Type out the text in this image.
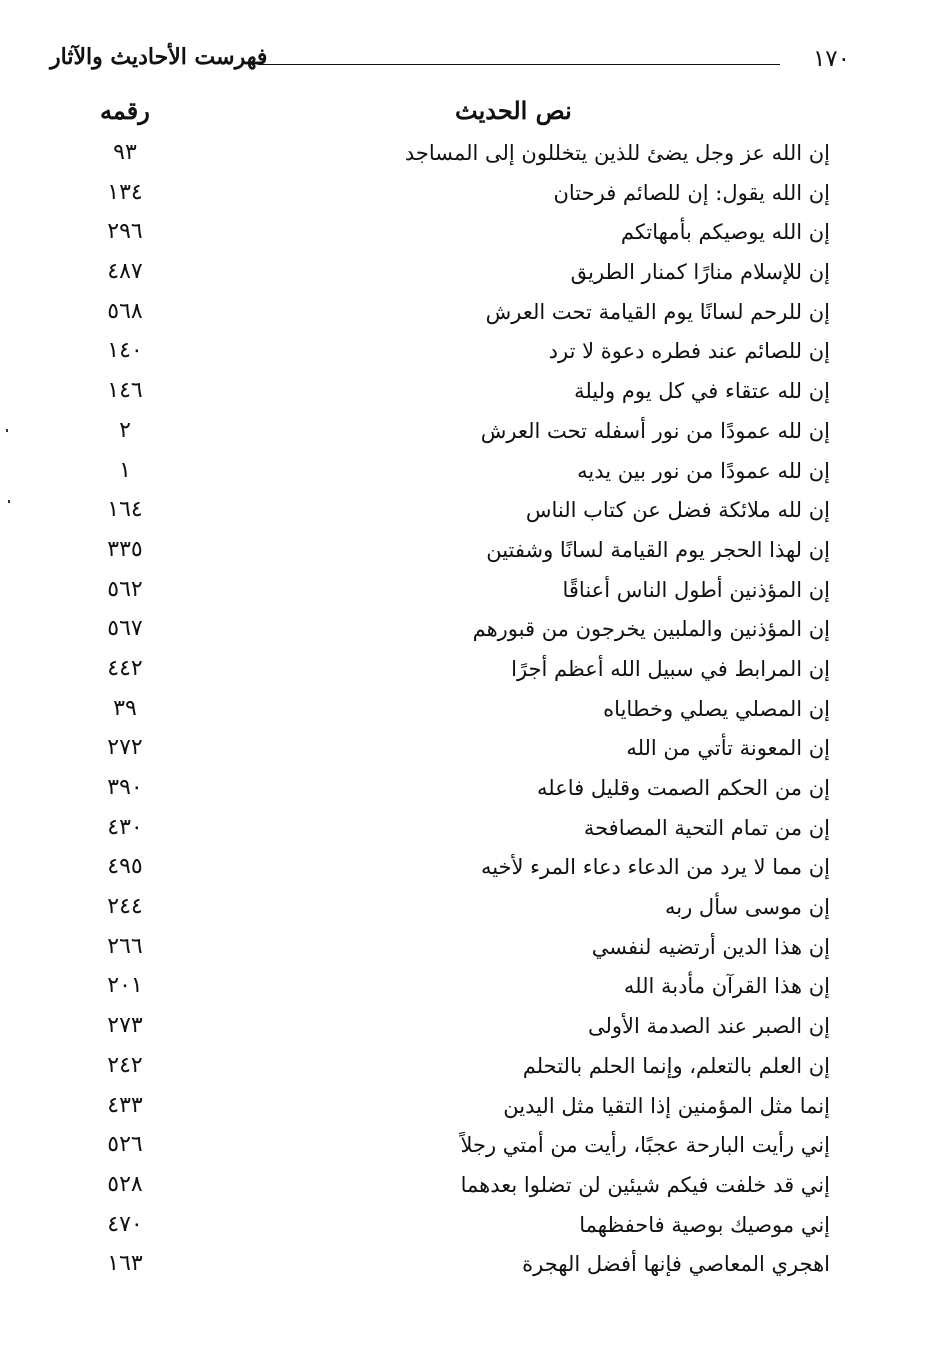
١٧٠
فهرست الأحاديث والآثار
نص الحديث
رقمه
إن الله عز وجل يضئ للذين يتخللون إلى المساجد
٩٣
إن الله يقول: إن للصائم فرحتان
١٣٤
إن الله يوصيكم بأمهاتكم
٢٩٦
إن للإسلام منارًا كمنار الطريق
٤٨٧
إن للرحم لسانًا يوم القيامة تحت العرش
٥٦٨
إن للصائم عند فطره دعوة لا ترد
١٤٠
إن لله عتقاء في كل يوم وليلة
١٤٦
إن لله عمودًا من نور أسفله تحت العرش
٢
إن لله عمودًا من نور بين يديه
١
إن لله ملائكة فضل عن كتاب الناس
١٦٤
إن لهذا الحجر يوم القيامة لسانًا وشفتين
٣٣٥
إن المؤذنين أطول الناس أعناقًا
٥٦٢
إن المؤذنين والملبين يخرجون من قبورهم
٥٦٧
إن المرابط في سبيل الله أعظم أجرًا
٤٤٢
إن المصلي يصلي وخطاياه
٣٩
إن المعونة تأتي من الله
٢٧٢
إن من الحكم الصمت وقليل فاعله
٣٩٠
إن من تمام التحية المصافحة
٤٣٠
إن مما لا يرد من الدعاء دعاء المرء لأخيه
٤٩٥
إن موسى سأل ربه
٢٤٤
إن هذا الدين أرتضيه لنفسي
٢٦٦
إن هذا القرآن مأدبة الله
٢٠١
إن الصبر عند الصدمة الأولى
٢٧٣
إن العلم بالتعلم، وإنما الحلم بالتحلم
٢٤٢
إنما مثل المؤمنين إذا التقيا مثل اليدين
٤٣٣
إني رأيت البارحة عجبًا، رأيت من أمتي رجلاً
٥٢٦
إني قد خلفت فيكم شيئين لن تضلوا بعدهما
٥٢٨
إني موصيك بوصية فاحفظهما
٤٧٠
اهجري المعاصي فإنها أفضل الهجرة
١٦٣
